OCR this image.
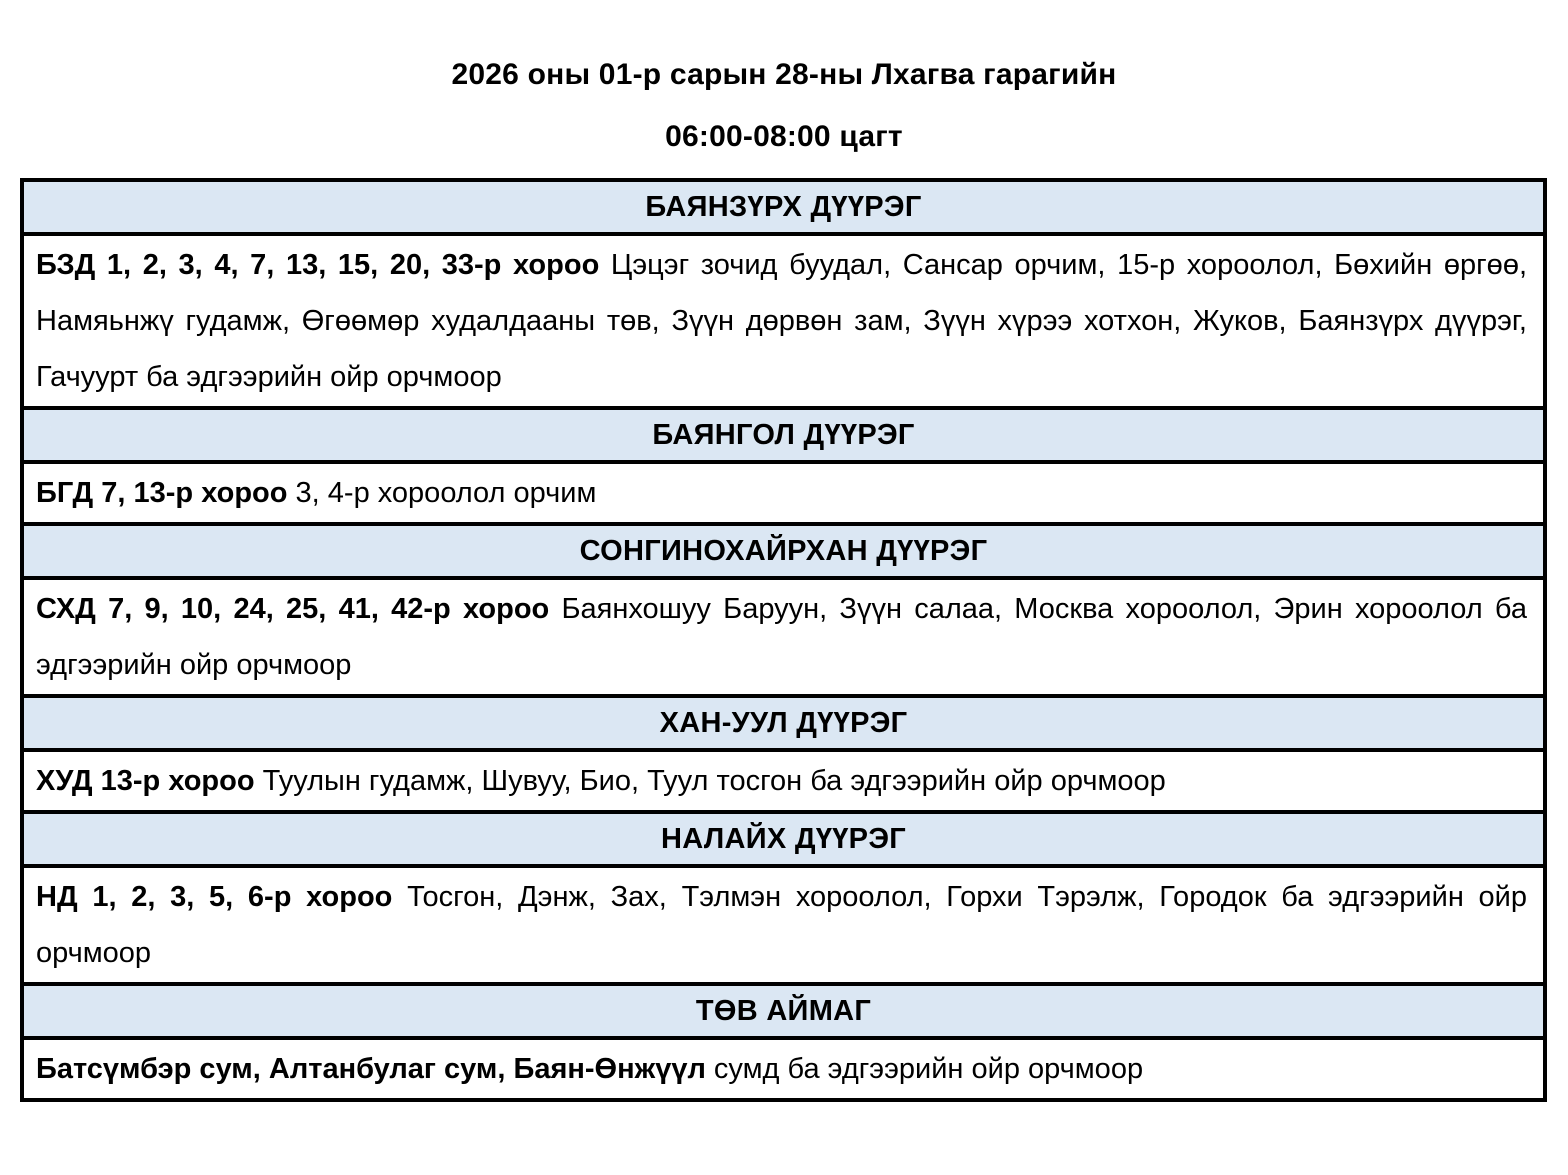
2026 оны 01-р сарын 28-ны Лхагва гарагийн
06:00-08:00 цагт
БАЯНЗҮРХ ДҮҮРЭГ
БЗД 1, 2, 3, 4, 7, 13, 15, 20, 33-р хороо Цэцэг зочид буудал, Сансар орчим, 15-р хороолол, Бөхийн өргөө, Намяьнжү гудамж, Өгөөмөр худалдааны төв, Зүүн дөрвөн зам, Зүүн хүрээ хотхон, Жуков, Баянзүрх дүүрэг, Гачуурт ба эдгээрийн ойр орчмоор
БАЯНГОЛ ДҮҮРЭГ
БГД 7, 13-р хороо 3, 4-р хороолол орчим
СОНГИНОХАЙРХАН ДҮҮРЭГ
СХД 7, 9, 10, 24, 25, 41, 42-р хороо Баянхошуу Баруун, Зүүн салаа, Москва хороолол, Эрин хороолол ба эдгээрийн ойр орчмоор
ХАН-УУЛ ДҮҮРЭГ
ХУД 13-р хороо Туулын гудамж, Шувуу, Био, Туул тосгон ба эдгээрийн ойр орчмоор
НАЛАЙХ ДҮҮРЭГ
НД 1, 2, 3, 5, 6-р хороо Тосгон, Дэнж, Зах, Тэлмэн хороолол, Горхи Тэрэлж, Городок ба эдгээрийн ойр орчмоор
ТӨВ АЙМАГ
Батсүмбэр сум, Алтанбулаг сум, Баян-Өнжүүл сумд ба эдгээрийн ойр орчмоор
